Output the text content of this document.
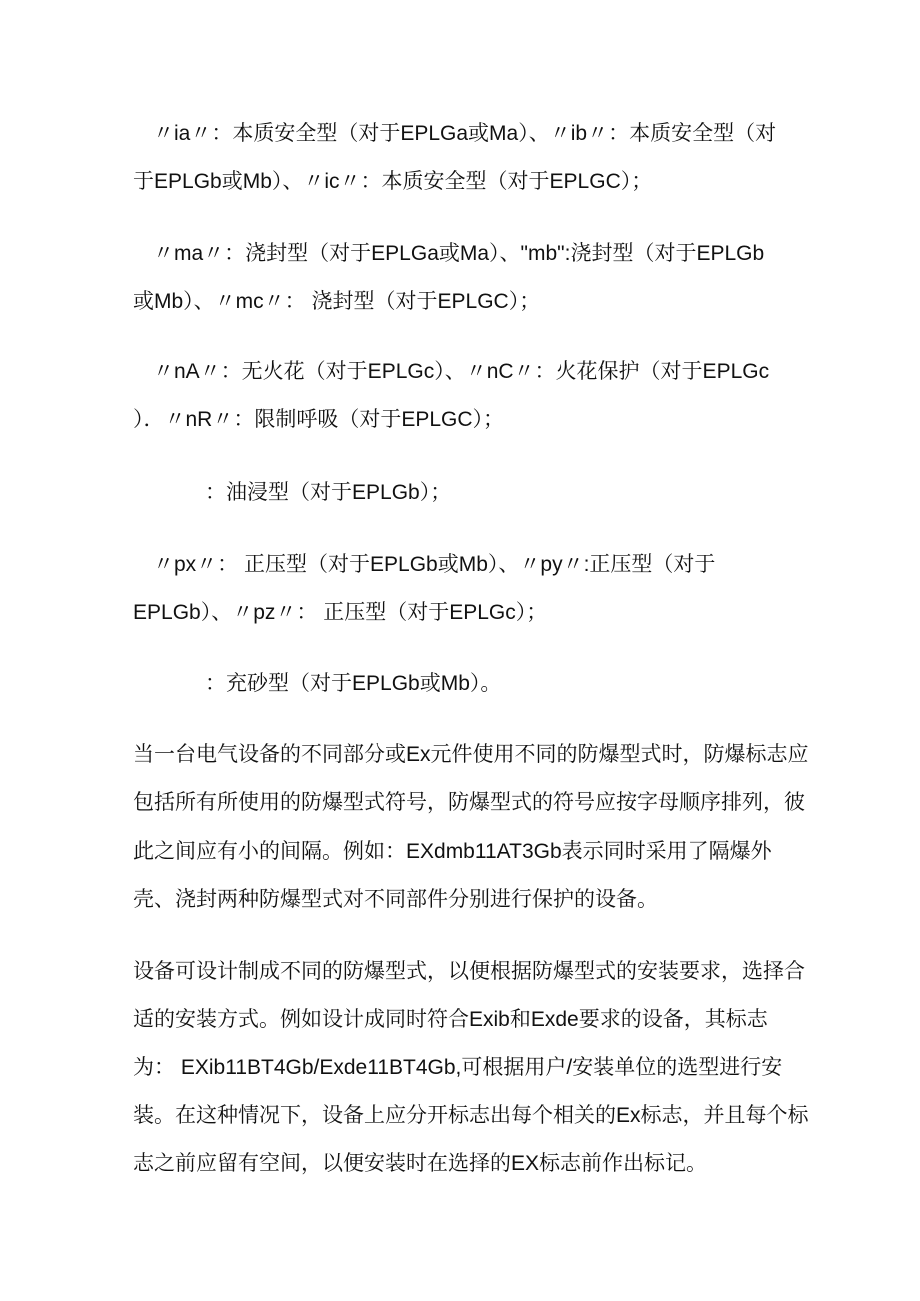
〃ia〃：本质安全型（对于EPLGa或Ma）、〃ib〃：本质安全型（对
于EPLGb或Mb）、〃ic〃：本质安全型（对于EPLGC）；
〃ma〃：浇封型（对于EPLGa或Ma）、"mb":浇封型（对于EPLGb
或Mb）、〃mc〃： 浇封型（对于EPLGC）；
〃nA〃：无火花（对于EPLGc）、〃nC〃：火花保护（对于EPLGc
）．〃nR〃：限制呼吸（对于EPLGC）；
：油浸型（对于EPLGb）；
〃px〃： 正压型（对于EPLGb或Mb）、〃py〃:正压型（对于
EPLGb）、〃pz〃： 正压型（对于EPLGc）；
：充砂型（对于EPLGb或Mb）。
当一台电气设备的不同部分或Ex元件使用不同的防爆型式时，防爆标志应
包括所有所使用的防爆型式符号，防爆型式的符号应按字母顺序排列，彼
此之间应有小的间隔。例如：EXdmb11AT3Gb表示同时采用了隔爆外
壳、浇封两种防爆型式对不同部件分别进行保护的设备。
设备可设计制成不同的防爆型式，以便根据防爆型式的安装要求，选择合
适的安装方式。例如设计成同时符合Exib和Exde要求的设备，其标志
为： EXib11BT4Gb/Exde11BT4Gb,可根据用户/安装单位的选型进行安
装。在这种情况下，设备上应分开标志出每个相关的Ex标志，并且每个标
志之前应留有空间，以便安装时在选择的EX标志前作出标记。
